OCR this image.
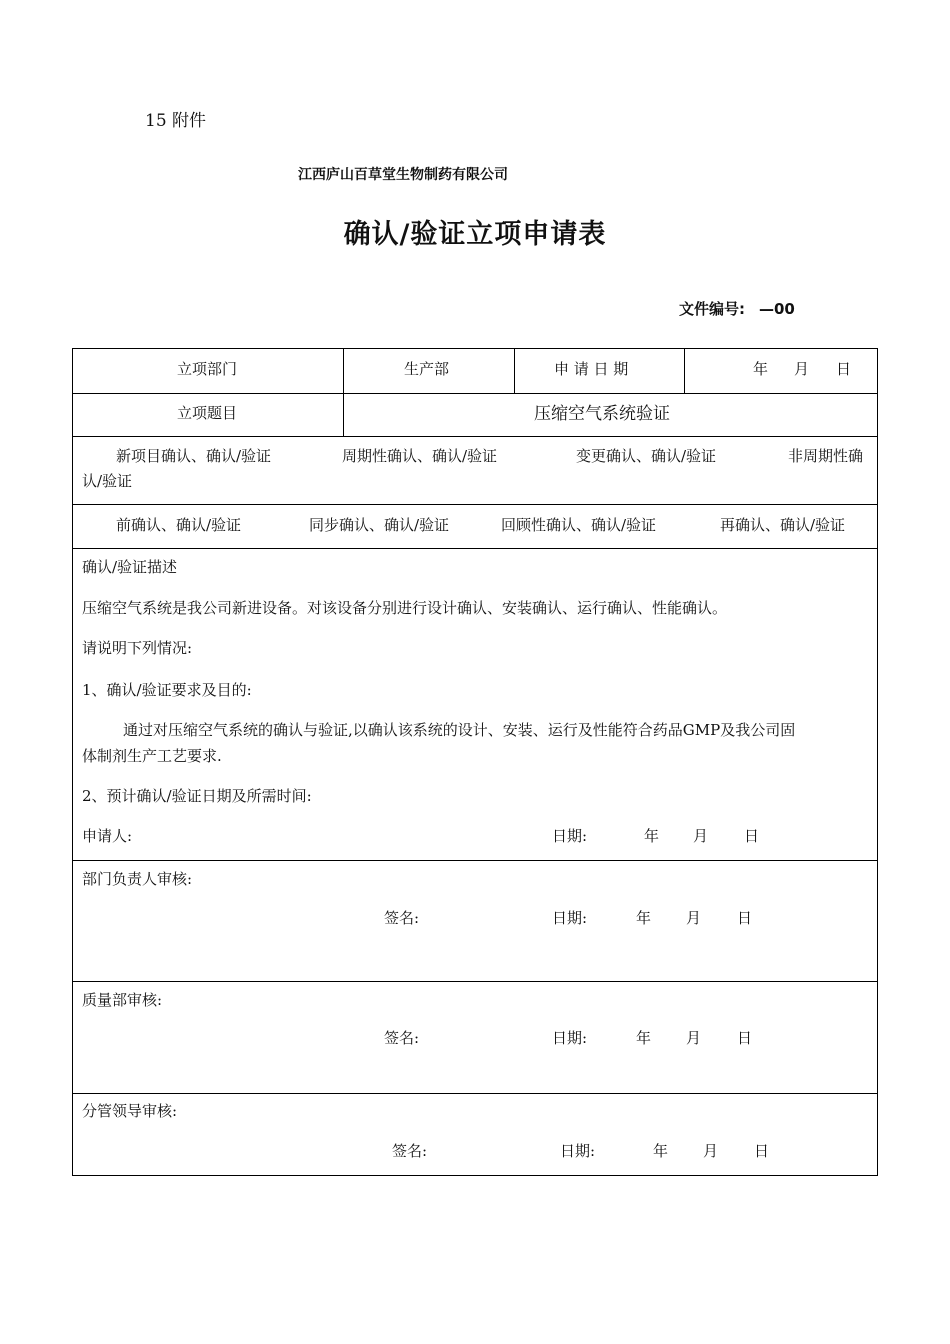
15 附件
江西庐山百草堂生物制药有限公司
确认/验证立项申请表
文件编号: —00
立项部门	生产部	申 请 日 期	年 月 日
立项题目	压缩空气系统验证
新项目确认、确认/验证	周期性确认、确认/验证	变更确认、确认/验证	非周期性确
认/验证
前确认、确认/验证	同步确认、确认/验证	回顾性确认、确认/验证	再确认、确认/验证
确认/验证描述
压缩空气系统是我公司新进设备。对该设备分别进行设计确认、安装确认、运行确认、性能确认。
请说明下列情况:
1、确认/验证要求及目的:
通过对压缩空气系统的确认与验证,以确认该系统的设计、安装、运行及性能符合药品GMP及我公司固
体制剂生产工艺要求.
2、预计确认/验证日期及所需时间:
申请人:	日期:	年 月 日
部门负责人审核:
签名:	日期:	年 月 日
质量部审核:
签名:	日期:	年 月 日
分管领导审核:
签名:	日期:	年 月 日
